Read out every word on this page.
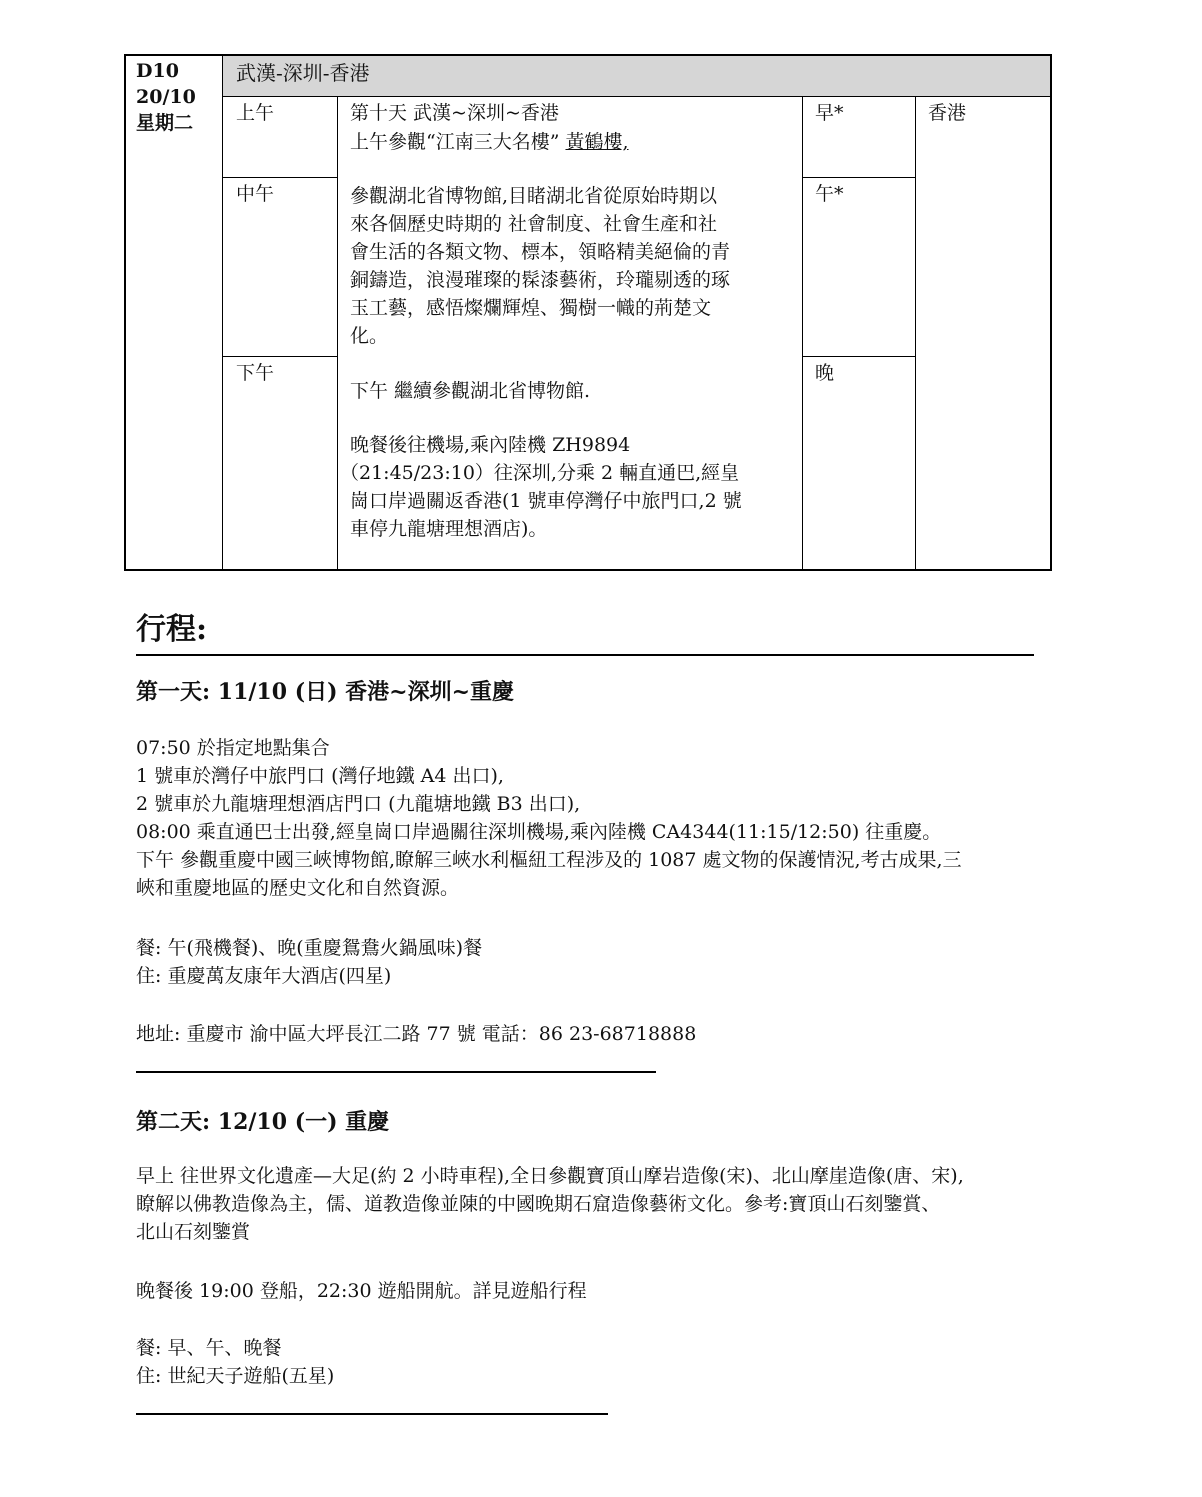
D10
20/10
星期二
武漢-深圳-香港
上午
中午
下午
第十天 武漢~深圳~香港
上午參觀“江南三大名樓” 黃鶴樓,
參觀湖北省博物館,目睹湖北省從原始時期以
來各個歷史時期的 社會制度、社會生產和社
會生活的各類文物、標本，領略精美絕倫的青
銅鑄造，浪漫璀璨的髹漆藝術，玲瓏剔透的琢
玉工藝，感悟燦爛輝煌、獨樹一幟的荊楚文
化。
下午 繼續參觀湖北省博物館.
晚餐後往機場,乘內陸機 ZH9894
（21:45/23:10）往深圳,分乘 2 輛直通巴,經皇
崗口岸過關返香港(1 號車停灣仔中旅門口,2 號
車停九龍塘理想酒店)。
早*
午*
晚
香港
行程:
第一天: 11/10 (日) 香港~深圳~重慶
07:50 於指定地點集合
1 號車於灣仔中旅門口 (灣仔地鐵 A4 出口),
2 號車於九龍塘理想酒店門口 (九龍塘地鐵 B3 出口),
08:00 乘直通巴士出發,經皇崗口岸過關往深圳機場,乘內陸機 CA4344(11:15/12:50) 往重慶。
下午 參觀重慶中國三峽博物館,瞭解三峽水利樞紐工程涉及的 1087 處文物的保護情況,考古成果,三
峽和重慶地區的歷史文化和自然資源。
餐: 午(飛機餐)、晚(重慶鴛鴦火鍋風味)餐
住: 重慶萬友康年大酒店(四星)
地址: 重慶市 渝中區大坪長江二路 77 號 電話：86 23-68718888
第二天: 12/10 (一) 重慶
早上 往世界文化遺產—大足(約 2 小時車程),全日參觀寶頂山摩岩造像(宋)、北山摩崖造像(唐、宋),
瞭解以佛教造像為主，儒、道教造像並陳的中國晚期石窟造像藝術文化。參考:寶頂山石刻鑒賞、
北山石刻鑒賞
晚餐後 19:00 登船，22:30 遊船開航。詳見遊船行程
餐: 早、午、晚餐
住: 世紀天子遊船(五星)
